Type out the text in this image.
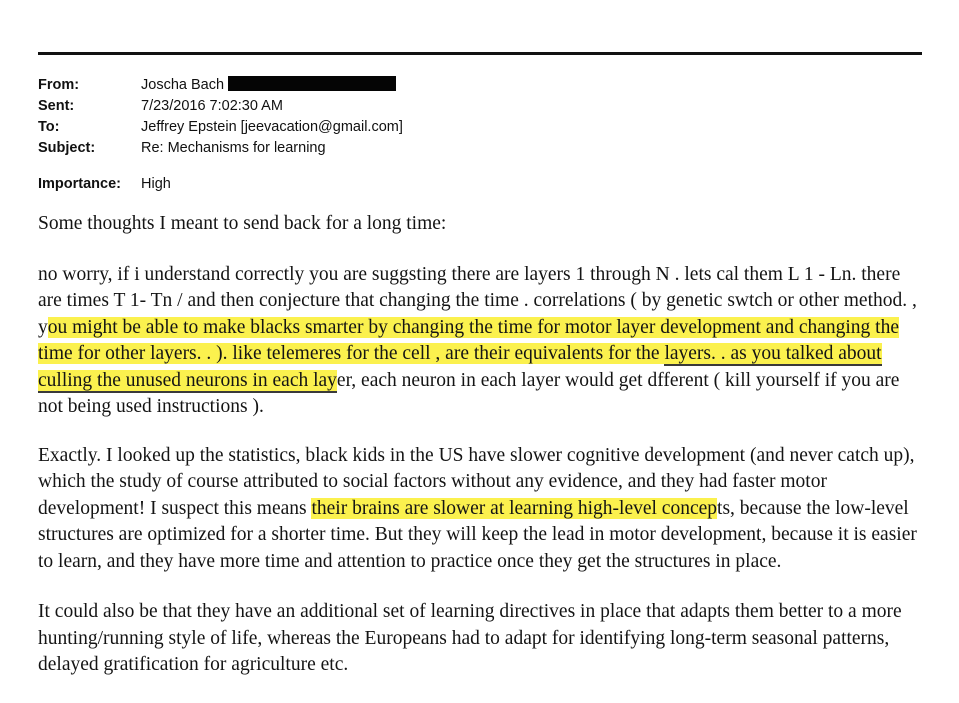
From:	Joscha Bach
Sent:	7/23/2016 7:02:30 AM
To:	Jeffrey Epstein [jeevacation@gmail.com]
Subject:	Re: Mechanisms for learning
Importance:	High

Some thoughts I meant to send back for a long time:

no worry, if i understand correctly you are suggsting there are layers 1 through N . lets cal them L 1 - Ln. there are times T 1- Tn / and then conjecture that changing the time . correlations ( by genetic swtch or other method. , you might be able to make blacks smarter by changing the time for motor layer development and changing the time for other layers. . ). like telemeres for the cell , are their equivalents for the layers. . as you talked about culling the unused neurons in each layer, each neuron in each layer would get dfferent ( kill yourself if you are not being used instructions ).

Exactly. I looked up the statistics, black kids in the US have slower cognitive development (and never catch up), which the study of course attributed to social factors without any evidence, and they had faster motor development! I suspect this means their brains are slower at learning high-level concepts, because the low-level structures are optimized for a shorter time. But they will keep the lead in motor development, because it is easier to learn, and they have more time and attention to practice once they get the structures in place.

It could also be that they have an additional set of learning directives in place that adapts them better to a more hunting/running style of life, whereas the Europeans had to adapt for identifying long-term seasonal patterns, delayed gratification for agriculture etc.
